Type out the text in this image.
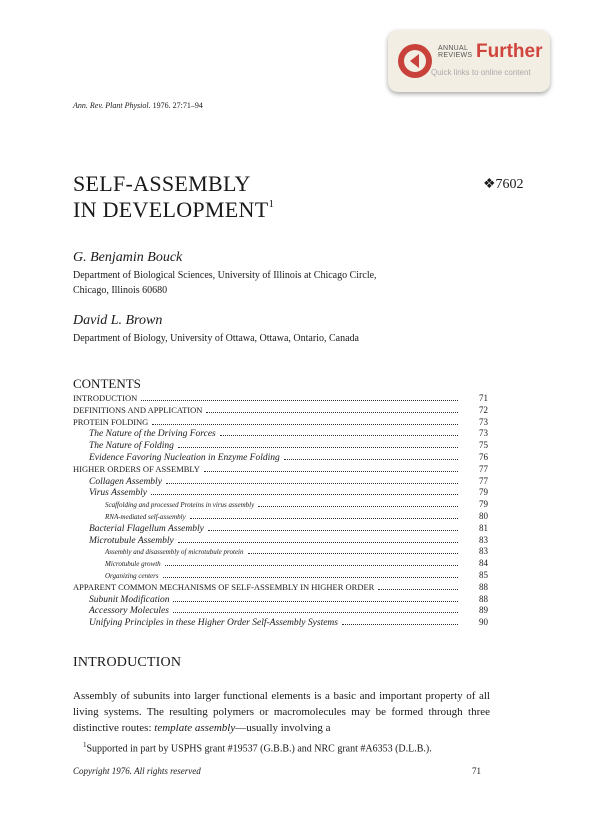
ANNUAL
REVIEWS Further
Quick links to online content
Ann. Rev. Plant Physiol. 1976. 27:71–94
SELF-ASSEMBLY
IN DEVELOPMENT$^1$
❖7602
G. Benjamin Bouck
Department of Biological Sciences, University of Illinois at Chicago Circle,
Chicago, Illinois 60680
David L. Brown
Department of Biology, University of Ottawa, Ottawa, Ontario, Canada
CONTENTS
INTRODUCTION	71
DEFINITIONS AND APPLICATION	72
PROTEIN FOLDING	73
The Nature of the Driving Forces	73
The Nature of Folding	75
Evidence Favoring Nucleation in Enzyme Folding	76
HIGHER ORDERS OF ASSEMBLY	77
Collagen Assembly	77
Virus Assembly	79
Scaffolding and processed Proteins in virus assembly	79
RNA-mediated self-assembly	80
Bacterial Flagellum Assembly	81
Microtubule Assembly	83
Assembly and disassembly of microtubule protein	83
Microtubule growth	84
Organizing centers	85
APPARENT COMMON MECHANISMS OF SELF-ASSEMBLY IN HIGHER ORDER	88
Subunit Modification	88
Accessory Molecules	89
Unifying Principles in these Higher Order Self-Assembly Systems	90
INTRODUCTION
Assembly of subunits into larger functional elements is a basic and important property of all living systems. The resulting polymers or macromolecules may be formed through three distinctive routes: template assembly—usually involving a
$^1$Supported in part by USPHS grant #19537 (G.B.B.) and NRC grant #A6353 (D.L.B.).
Copyright 1976. All rights reserved	71
